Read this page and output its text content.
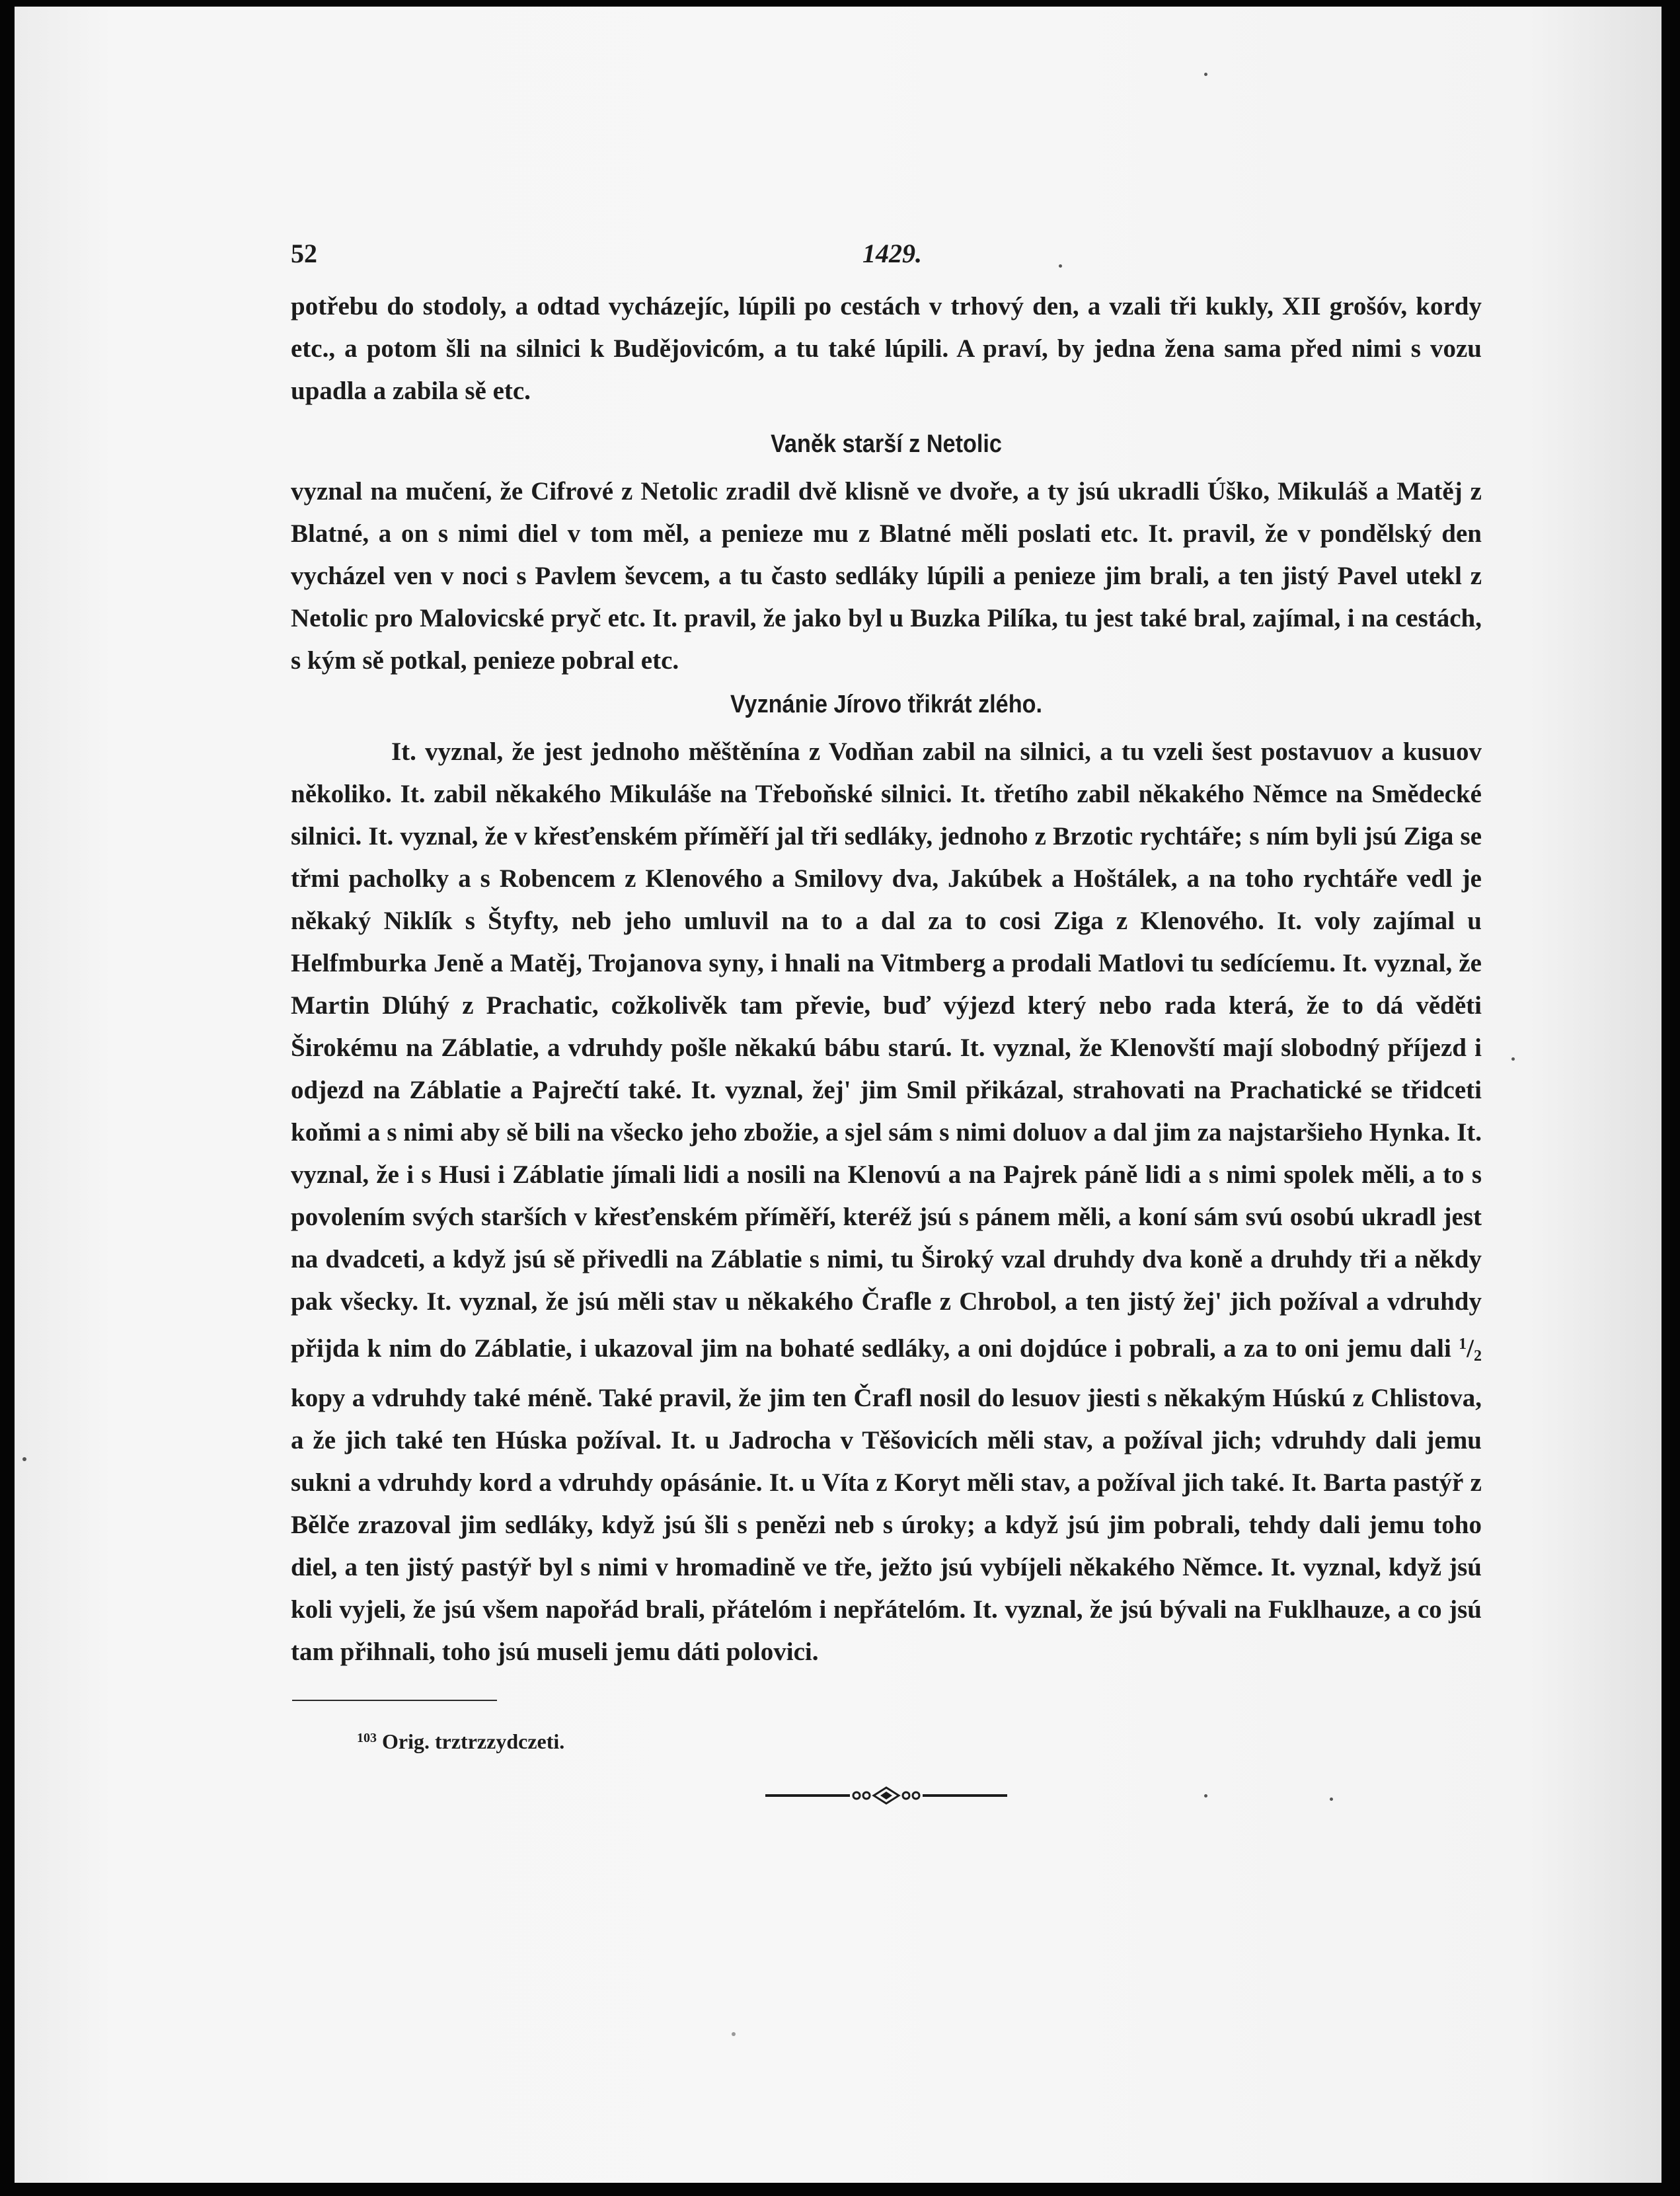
52	1429.

potřebu do stodoly, a odtad vycházejíc, lúpili po cestách v trhový den, a vzali tři kukly, XII grošóv, kordy etc., a potom šli na silnici k Budějovicóm, a tu také lúpili. A praví, by jedna žena sama před nimi s vozu upadla a zabila sě etc.

Vaněk starší z Netolic

vyznal na mučení, že Cifrové z Netolic zradil dvě klisně ve dvoře, a ty jsú ukradli Úško, Mikuláš a Matěj z Blatné, a on s nimi diel v tom měl, a penieze mu z Blatné měli poslati etc. It. pravil, že v pondělský den vycházel ven v noci s Pavlem ševcem, a tu často sedláky lúpili a penieze jim brali, a ten jistý Pavel utekl z Netolic pro Malovicské pryč etc. It. pravil, že jako byl u Buzka Pilíka, tu jest také bral, zajímal, i na cestách, s kým sě potkal, penieze pobral etc.

Vyznánie Jírovo třikrát zlého.

It. vyznal, že jest jednoho měštěnína z Vodňan zabil na silnici, a tu vzeli šest postavuov a kusuov několiko. It. zabil někakého Mikuláše na Třeboňské silnici. It. třetího zabil někakého Němce na Smědecké silnici. It. vyznal, že v křesťenském příměří jal tři sedláky, jednoho z Brzotic rychtáře; s ním byli jsú Ziga se třmi pacholky a s Robencem z Klenového a Smilovy dva, Jakúbek a Hoštálek, a na toho rychtáře vedl je někaký Niklík s Štyfty, neb jeho umluvil na to a dal za to cosi Ziga z Klenového. It. voly zajímal u Helfmburka Jeně a Matěj, Trojanova syny, i hnali na Vitmberg a prodali Matlovi tu sedícíemu. It. vyznal, že Martin Dlúhý z Prachatic, cožkolivěk tam převie, buď výjezd který nebo rada která, že to dá věděti Širokému na Záblatie, a vdruhdy pošle někakú bábu starú. It. vyznal, že Klenovští mají slobodný příjezd i odjezd na Záblatie a Pajrečtí také. It. vyznal, žej' jim Smil přikázal, strahovati na Prachatické se třidceti koňmi a s nimi aby sě bili na všecko jeho zbožie, a sjel sám s nimi doluov a dal jim za najstaršieho Hynka. It. vyznal, že i s Husi i Záblatie jímali lidi a nosili na Klenovú a na Pajrek páně lidi a s nimi spolek měli, a to s povolením svých starších v křesťenském příměří, kteréž jsú s pánem měli, a koní sám svú osobú ukradl jest na dvadceti, a když jsú sě přivedli na Záblatie s nimi, tu Široký vzal druhdy dva koně a druhdy tři a někdy pak všecky. It. vyznal, že jsú měli stav u někakého Črafle z Chrobol, a ten jistý žej' jich požíval a vdruhdy přijda k nim do Záblatie, i ukazoval jim na bohaté sedláky, a oni dojdúce i pobrali, a za to oni jemu dali $^1/_2$ kopy a vdruhdy také méně. Také pravil, že jim ten Črafl nosil do lesuov jiesti s někakým Húskú z Chlistova, a že jich také ten Húska požíval. It. u Jadrocha v Těšovicích měli stav, a požíval jich; vdruhdy dali jemu sukni a vdruhdy kord a vdruhdy opásánie. It. u Víta z Koryt měli stav, a požíval jich také. It. Barta pastýř z Bělče zrazoval jim sedláky, když jsú šli s penězi neb s úroky; a když jsú jim pobrali, tehdy dali jemu toho diel, a ten jistý pastýř byl s nimi v hromadině ve tře, ježto jsú vybíjeli někakého Němce. It. vyznal, když jsú koli vyjeli, že jsú všem napořád brali, přátelóm i nepřátelóm. It. vyznal, že jsú bývali na Fuklhauze, a co jsú tam přihnali, toho jsú museli jemu dáti polovici.

$^{103}$ Orig. trztrzzydczeti.
